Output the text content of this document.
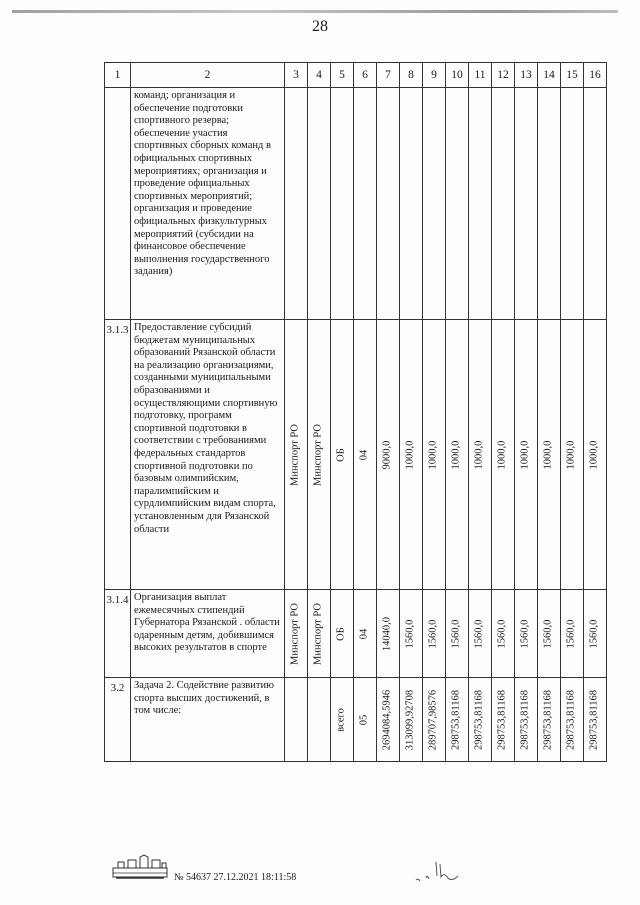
28
1	2	3	4	5	6	7	8	9	10	11	12	13	14	15	16
	команд; организация и обеспечение подготовки спортивного резерва; обеспечение участия спортивных сборных команд в официальных спортивных мероприятиях; организация и проведение официальных спортивных мероприятий; организация и проведение официальных физкультурных мероприятий (субсидии на финансовое обеспечение выполнения государственного задания)	

3.1.3	Предоставление субсидий бюджетам муниципальных образований Рязанской области на реализацию организациями, созданными муниципальными образованиями и осуществляющими спортивную подготовку, программ спортивной подготовки в соответствии с требованиями федеральных стандартов спортивной подготовки по базовым олимпийским, паралимпийским и сурдлимпийским видам спорта, установленным для Рязанской области	Минспорт РО	Минспорт РО	ОБ	04	9000,0	1000,0	1000,0	1000,0	1000,0	1000,0	1000,0	1000,0	1000,0	1000,0

3.1.4	Организация выплат ежемесячных стипендий Губернатора Рязанской . области одаренным детям, добившимся высоких результатов в спорте	Минспорт РО	Минспорт РО	ОБ	04	14040,0	1560,0	1560,0	1560,0	1560,0	1560,0	1560,0	1560,0	1560,0	1560,0

3.2	Задача 2. Содействие развитию спорта высших достижений, в том числе:			всего	05	2694084,5946	313099,92708	289707,98576	298753,81168	298753,81168	298753,81168	298753,81168	298753,81168	298753,81168	298753,81168
№ 54637 27.12.2021 18:11:58
